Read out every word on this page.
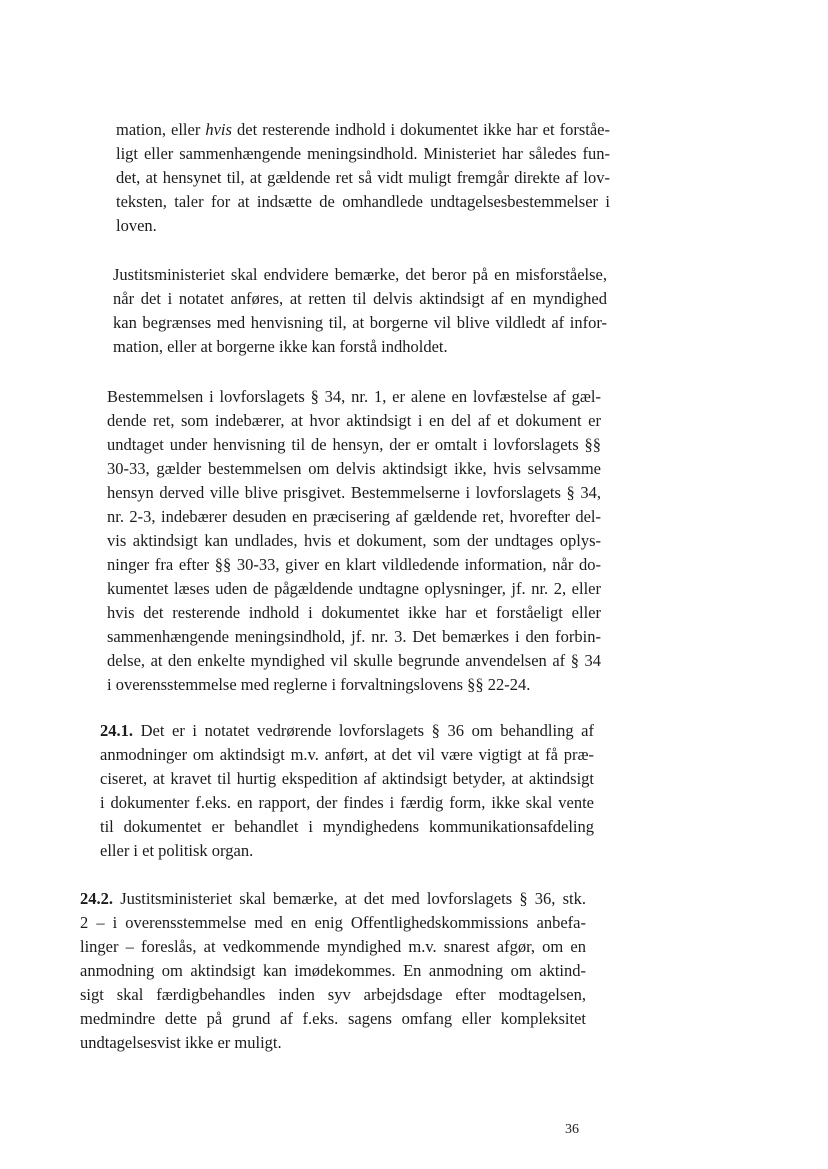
mation, eller hvis det resterende indhold i dokumentet ikke har et forståe-
ligt eller sammenhængende meningsindhold. Ministeriet har således fun-
det, at hensynet til, at gældende ret så vidt muligt fremgår direkte af lov-
teksten, taler for at indsætte de omhandlede undtagelsesbestemmelser i
loven.
Justitsministeriet skal endvidere bemærke, det beror på en misforståelse,
når det i notatet anføres, at retten til delvis aktindsigt af en myndighed
kan begrænses med henvisning til, at borgerne vil blive vildledt af infor-
mation, eller at borgerne ikke kan forstå indholdet.
Bestemmelsen i lovforslagets § 34, nr. 1, er alene en lovfæstelse af gæl-
dende ret, som indebærer, at hvor aktindsigt i en del af et dokument er
undtaget under henvisning til de hensyn, der er omtalt i lovforslagets §§
30-33, gælder bestemmelsen om delvis aktindsigt ikke, hvis selvsamme
hensyn derved ville blive prisgivet. Bestemmelserne i lovforslagets § 34,
nr. 2-3, indebærer desuden en præcisering af gældende ret, hvorefter del-
vis aktindsigt kan undlades, hvis et dokument, som der undtages oplys-
ninger fra efter §§ 30-33, giver en klart vildledende information, når do-
kumentet læses uden de pågældende undtagne oplysninger, jf. nr. 2, eller
hvis det resterende indhold i dokumentet ikke har et forståeligt eller
sammenhængende meningsindhold, jf. nr. 3. Det bemærkes i den forbin-
delse, at den enkelte myndighed vil skulle begrunde anvendelsen af § 34
i overensstemmelse med reglerne i forvaltningslovens §§ 22-24.
24.1. Det er i notatet vedrørende lovforslagets § 36 om behandling af
anmodninger om aktindsigt m.v. anført, at det vil være vigtigt at få præ-
ciseret, at kravet til hurtig ekspedition af aktindsigt betyder, at aktindsigt
i dokumenter f.eks. en rapport, der findes i færdig form, ikke skal vente
til dokumentet er behandlet i myndighedens kommunikationsafdeling
eller i et politisk organ.
24.2. Justitsministeriet skal bemærke, at det med lovforslagets § 36, stk.
2 – i overensstemmelse med en enig Offentlighedskommissions anbefa-
linger – foreslås, at vedkommende myndighed m.v. snarest afgør, om en
anmodning om aktindsigt kan imødekommes. En anmodning om aktind-
sigt skal færdigbehandles inden syv arbejdsdage efter modtagelsen,
medmindre dette på grund af f.eks. sagens omfang eller kompleksitet
undtagelsesvist ikke er muligt.
36
